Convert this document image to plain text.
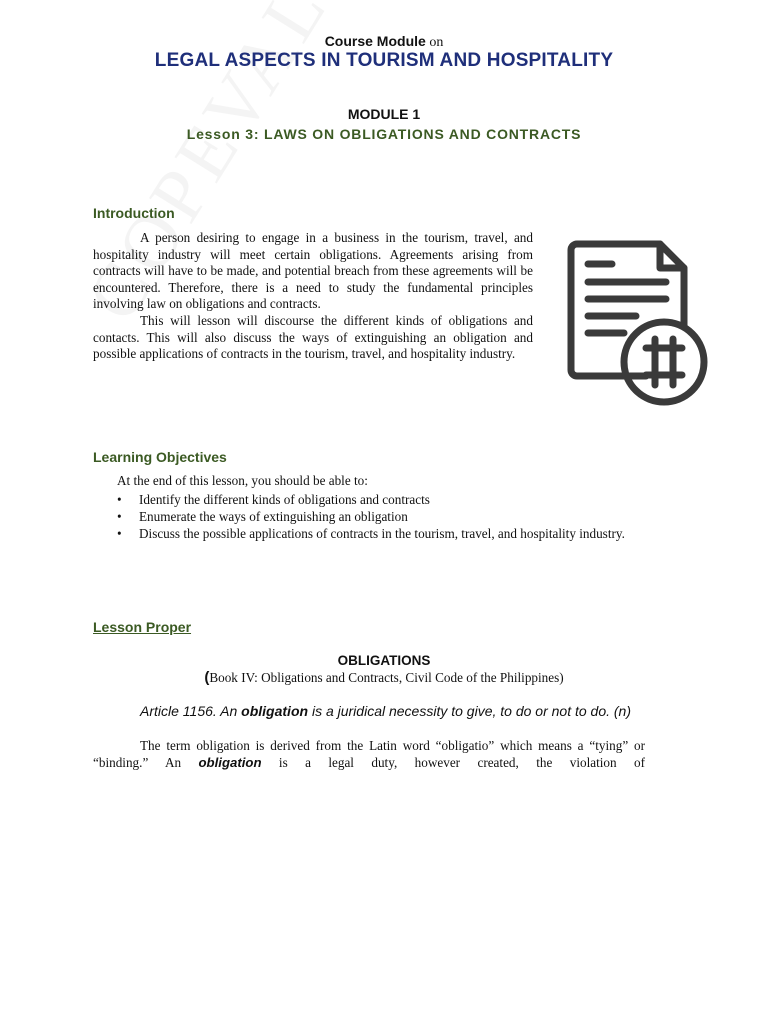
Course Module on

LEGAL ASPECTS IN TOURISM AND HOSPITALITY

MODULE 1

Lesson 3: LAWS ON OBLIGATIONS AND CONTRACTS

Introduction

A person desiring to engage in a business in the tourism, travel, and hospitality industry will meet certain obligations. Agreements arising from contracts will have to be made, and potential breach from these agreements will be encountered. Therefore, there is a need to study the fundamental principles involving law on obligations and contracts.

This will lesson will discourse the different kinds of obligations and contacts. This will also discuss the ways of extinguishing an obligation and possible applications of contracts in the tourism, travel, and hospitality industry.

Learning Objectives

At the end of this lesson, you should be able to:

• Identify the different kinds of obligations and contracts
• Enumerate the ways of extinguishing an obligation
• Discuss the possible applications of contracts in the tourism, travel, and hospitality industry.
Lesson Proper

OBLIGATIONS

(Book IV: Obligations and Contracts, Civil Code of the Philippines)

Article 1156. An obligation is a juridical necessity to give, to do or not to do. (n)

The term obligation is derived from the Latin word “obligatio” which means a “tying” or “binding.” An obligation is a legal duty, however created, the violation of
